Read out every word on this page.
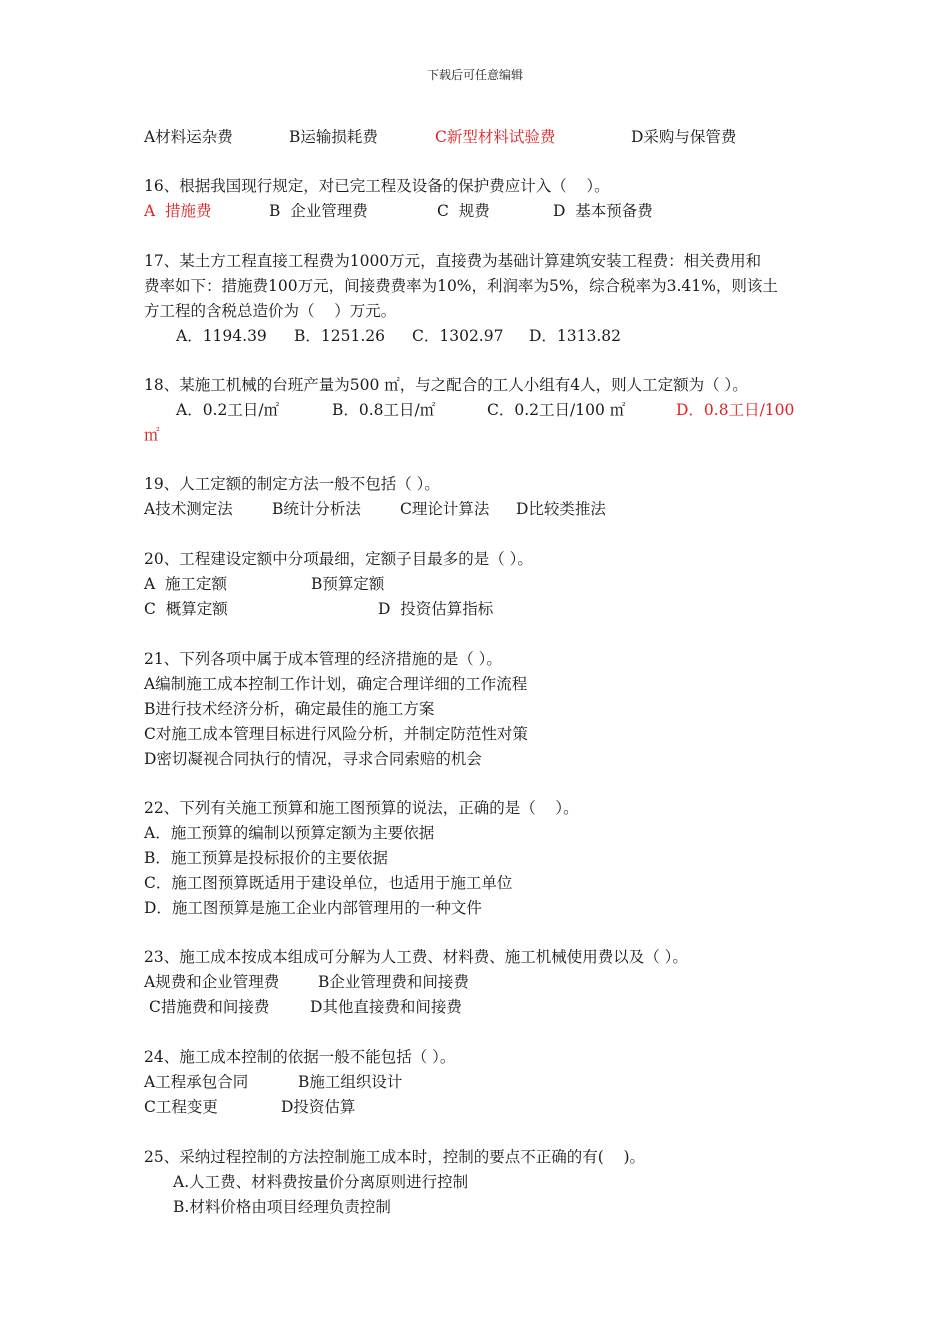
下载后可任意编辑
A材料运杂费	B运输损耗费	C新型材料试验费	D采购与保管费
16、根据我国现行规定，对已完工程及设备的保护费应计入（    ）。
A  措施费	B  企业管理费	C  规费	D  基本预备费
17、某土方工程直接工程费为1000万元，直接费为基础计算建筑安装工程费：相关费用和
费率如下：措施费100万元，间接费费率为10%，利润率为5%，综合税率为3.41%，则该土
方工程的含税总造价为（    ）万元。
A．1194.39 B．1251.26 C．1302.97 D．1313.82
18、某施工机械的台班产量为500 ㎡，与之配合的工人小组有4人，则人工定额为（ ）。
A．0.2工日/㎡	B．0.8工日/㎡	C．0.2工日/100 ㎡	D．0.8工日/100
㎡
19、人工定额的制定方法一般不包括（ ）。
A技术测定法	B统计分析法	C理论计算法 D比较类推法
20、工程建设定额中分项最细，定额子目最多的是（ ）。
A  施工定额	B预算定额
C  概算定额	D  投资估算指标
21、下列各项中属于成本管理的经济措施的是（ ）。
A编制施工成本控制工作计划，确定合理详细的工作流程
B进行技术经济分析，确定最佳的施工方案
C对施工成本管理目标进行风险分析，并制定防范性对策
D密切凝视合同执行的情况，寻求合同索赔的机会
22、下列有关施工预算和施工图预算的说法，正确的是（    ）。
A．施工预算的编制以预算定额为主要依据
B．施工预算是投标报价的主要依据
C．施工图预算既适用于建设单位，也适用于施工单位
D．施工图预算是施工企业内部管理用的一种文件
23、施工成本按成本组成可分解为人工费、材料费、施工机械使用费以及（ ）。
A规费和企业管理费	B企业管理费和间接费
C措施费和间接费	D其他直接费和间接费
24、施工成本控制的依据一般不能包括（ ）。
A工程承包合同	B施工组织设计
C工程变更	D投资估算
25、采纳过程控制的方法控制施工成本时，控制的要点不正确的有(    )。
A.人工费、材料费按量价分离原则进行控制
B.材料价格由项目经理负责控制
